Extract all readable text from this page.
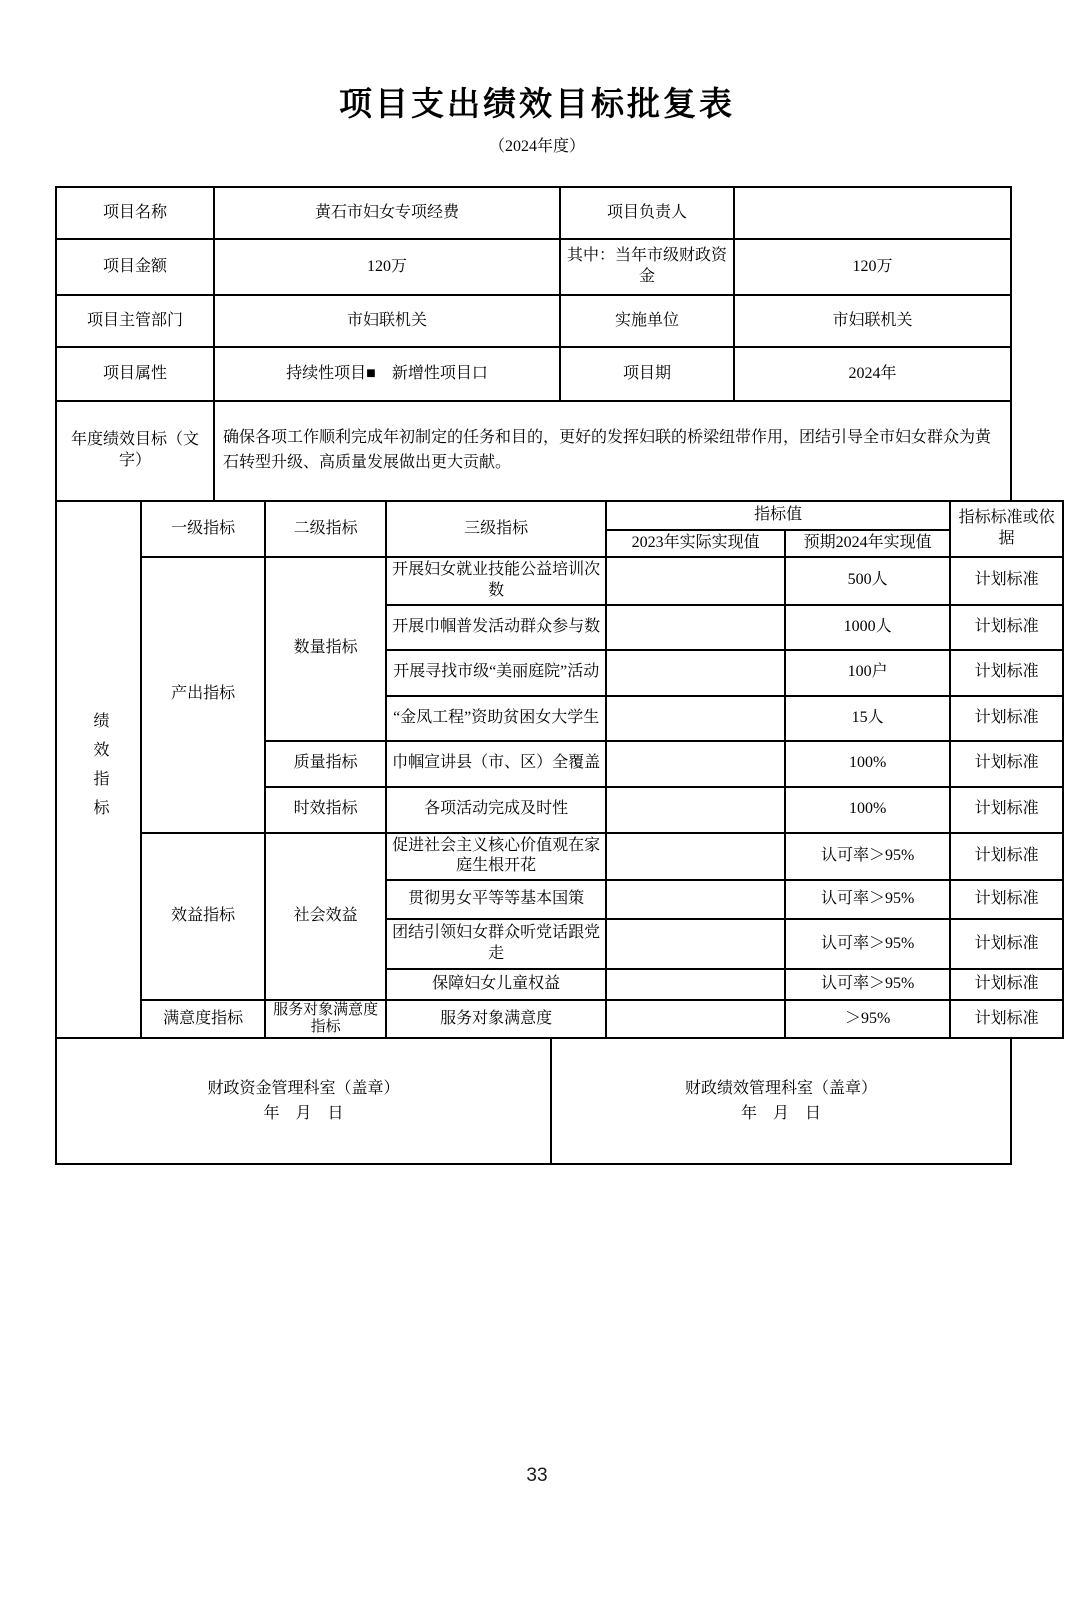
项目支出绩效目标批复表
（2024年度）
项目名称	黄石市妇女专项经费	项目负责人	
项目金额	120万	其中：当年市级财政资金	120万
项目主管部门	市妇联机关	实施单位	市妇联机关
项目属性	持续性项目■　新增性项目口	项目期	2024年
年度绩效目标（文字）	确保各项工作顺利完成年初制定的任务和目的，更好的发挥妇联的桥梁纽带作用，团结引导全市妇女群众为黄石转型升级、高质量发展做出更大贡献。		
绩效指标	一级指标	二级指标	三级指标	指标值		指标标准或依据
				2023年实际实现值	预期2024年实现值	
	产出指标	数量指标	开展妇女就业技能公益培训次数		500人	计划标准
			开展巾帼普发活动群众参与数		1000人	计划标准
			开展寻找市级“美丽庭院”活动		100户	计划标准
			“金凤工程”资助贫困女大学生		15人	计划标准
		质量指标	巾帼宣讲县（市、区）全覆盖		100%	计划标准
		时效指标	各项活动完成及时性		100%	计划标准
	效益指标	社会效益	促进社会主义核心价值观在家庭生根开花		认可率＞95%	计划标准
			贯彻男女平等等基本国策		认可率＞95%	计划标准
			团结引领妇女群众听党话跟党走		认可率＞95%	计划标准
			保障妇女儿童权益		认可率＞95%	计划标准
	满意度指标	服务对象满意度指标	服务对象满意度		＞95%	计划标准
财政资金管理科室（盖章）
年　月　日

财政绩效管理科室（盖章）
年　月　日
33
